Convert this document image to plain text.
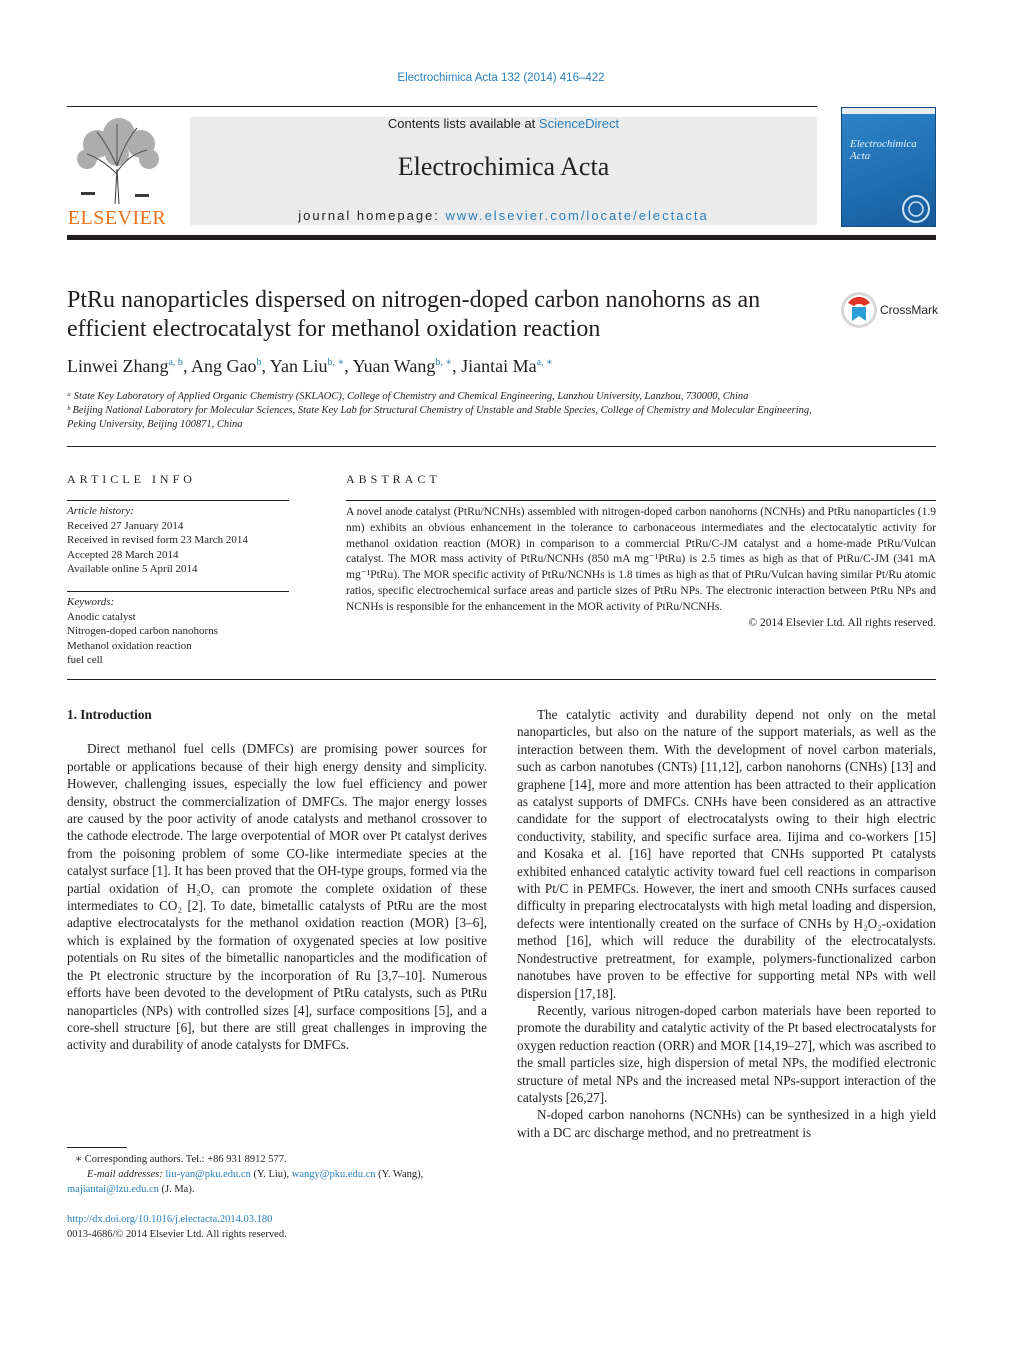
Electrochimica Acta 132 (2014) 416–422
ELSEVIER
Contents lists available at ScienceDirect
Electrochimica Acta
journal homepage: www.elsevier.com/locate/electacta
Electrochimica Acta
PtRu nanoparticles dispersed on nitrogen-doped carbon nanohorns as an efficient electrocatalyst for methanol oxidation reaction
CrossMark
Linwei Zhang$^{a, b}$, Ang Gao$^b$, Yan Liu$^{b, ∗}$, Yuan Wang$^{b, ∗}$, Jiantai $Ma^{a, ∗}$
ᵃ State Key Laboratory of Applied Organic Chemistry (SKLAOC), College of Chemistry and Chemical Engineering, Lanzhou University, Lanzhou, 730000, China
ᵇ Beijing National Laboratory for Molecular Sciences, State Key Lab for Structural Chemistry of Unstable and Stable Species, College of Chemistry and Molecular Engineering, Peking University, Beijing 100871, China
ARTICLE INFO	ABSTRACT
Article history:
Received 27 January 2014
Received in revised form 23 March 2014
Accepted 28 March 2014
Available online 5 April 2014
Keywords:
Anodic catalyst
Nitrogen-doped carbon nanohorns
Methanol oxidation reaction
fuel cell
A novel anode catalyst (PtRu/NCNHs) assembled with nitrogen-doped carbon nanohorns (NCNHs) and PtRu nanoparticles (1.9 nm) exhibits an obvious enhancement in the tolerance to carbonaceous intermediates and the electocatalytic activity for methanol oxidation reaction (MOR) in comparison to a commercial PtRu/C-JM catalyst and a home-made PtRu/Vulcan catalyst. The MOR mass activity of PtRu/NCNHs (850 mA mg⁻¹PtRu) is 2.5 times as high as that of PtRu/C-JM (341 mA mg⁻¹PtRu). The MOR specific activity of PtRu/NCNHs is 1.8 times as high as that of PtRu/Vulcan having similar Pt/Ru atomic ratios, specific electrochemical surface areas and particle sizes of PtRu NPs. The electronic interaction between PtRu NPs and NCNHs is responsible for the enhancement in the MOR activity of PtRu/NCNHs.
© 2014 Elsevier Ltd. All rights reserved.
1. Introduction

Direct methanol fuel cells (DMFCs) are promising power sources for portable or applications because of their high energy density and simplicity. However, challenging issues, especially the low fuel efficiency and power density, obstruct the commercialization of DMFCs. The major energy losses are caused by the poor activity of anode catalysts and methanol crossover to the cathode electrode. The large overpotential of MOR over Pt catalyst derives from the poisoning problem of some CO-like intermediate species at the catalyst surface [1]. It has been proved that the OH-type groups, formed via the partial oxidation of H₂O, can promote the complete oxidation of these intermediates to CO₂ [2]. To date, bimetallic catalysts of PtRu are the most adaptive electrocatalysts for the methanol oxidation reaction (MOR) [3–6], which is explained by the formation of oxygenated species at low positive potentials on Ru sites of the bimetallic nanoparticles and the modification of the Pt electronic structure by the incorporation of Ru [3,7–10]. Numerous efforts have been devoted to the development of PtRu catalysts, such as PtRu nanoparticles (NPs) with controlled sizes [4], surface compositions [5], and a core-shell structure [6], but there are still great challenges in improving the activity and durability of anode catalysts for DMFCs.

The catalytic activity and durability depend not only on the metal nanoparticles, but also on the nature of the support materials, as well as the interaction between them. With the development of novel carbon materials, such as carbon nanotubes (CNTs) [11,12], carbon nanohorns (CNHs) [13] and graphene [14], more and more attention has been attracted to their application as catalyst supports of DMFCs. CNHs have been considered as an attractive candidate for the support of electrocatalysts owing to their high electric conductivity, stability, and specific surface area. Iijima and co-workers [15] and Kosaka et al. [16] have reported that CNHs supported Pt catalysts exhibited enhanced catalytic activity toward fuel cell reactions in comparison with Pt/C in PEMFCs. However, the inert and smooth CNHs surfaces caused difficulty in preparing electrocatalysts with high metal loading and dispersion, defects were intentionally created on the surface of CNHs by H₂O₂-oxidation method [16], which will reduce the durability of the electrocatalysts. Nondestructive pretreatment, for example, polymers-functionalized carbon nanotubes have proven to be effective for supporting metal NPs with well dispersion [17,18].

Recently, various nitrogen-doped carbon materials have been reported to promote the durability and catalytic activity of the Pt based electrocatalysts for oxygen reduction reaction (ORR) and MOR [14,19–27], which was ascribed to the small particles size, high dispersion of metal NPs, the modified electronic structure of metal NPs and the increased metal NPs-support interaction of the catalysts [26,27].

N-doped carbon nanohorns (NCNHs) can be synthesized in a high yield with a DC arc discharge method, and no pretreatment is

∗ Corresponding authors. Tel.: +86 931 8912 577.
E-mail addresses: liu-yan@pku.edu.cn (Y. Liu), wangy@pku.edu.cn (Y. Wang),
majiantai@lzu.edu.cn (J. Ma).
http://dx.doi.org/10.1016/j.electacta.2014.03.180
0013-4686/© 2014 Elsevier Ltd. All rights reserved.
